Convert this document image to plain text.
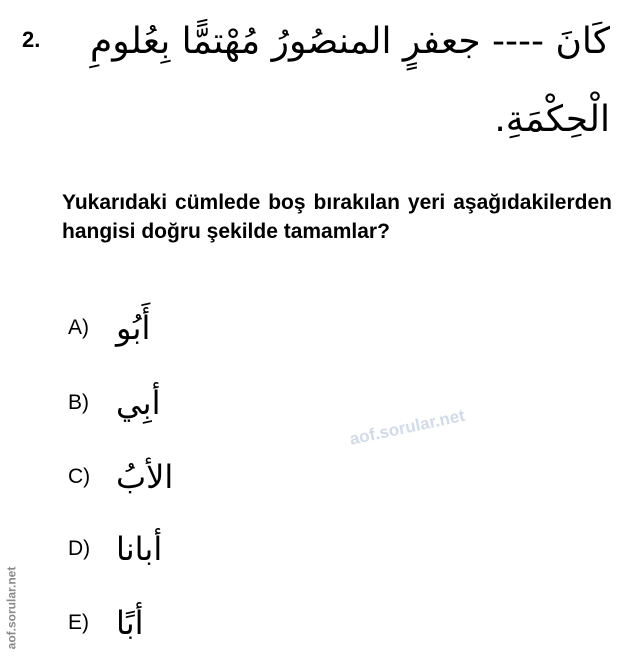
2. كَانَ ---- جعفرٍ المنصُورُ مُهْتمًّا بِعُلومِ
الْحِكْمَةِ.
Yukarıdaki cümlede boş bırakılan yeri aşağıdakilerden hangisi doğru şekilde tamamlar?
A) أَبُو
B) أبِي
C) الأبُ
D) أبانا
E) أبًا
aof.sorular.net
aof.sorular.net
